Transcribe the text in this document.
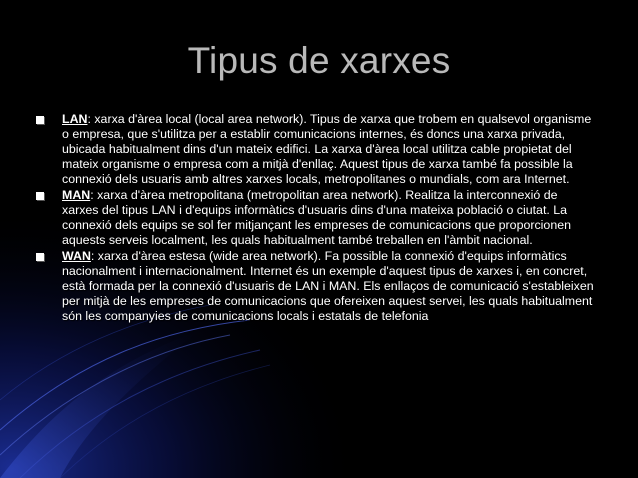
Tipus de xarxes
LAN: xarxa d'àrea local (local area network). Tipus de xarxa que trobem en qualsevol organisme o empresa, que s'utilitza per a establir comunicacions internes, és doncs una xarxa privada, ubicada habitualment dins d'un mateix edifici. La xarxa d'àrea local utilitza cable propietat del mateix organisme o empresa com a mitjà d'enllaç. Aquest tipus de xarxa també fa possible la connexió dels usuaris amb altres xarxes locals, metropolitanes o mundials, com ara Internet.
MAN: xarxa d'àrea metropolitana (metropolitan area network). Realitza la interconnexió de xarxes del tipus LAN i d'equips informàtics d'usuaris dins d'una mateixa població o ciutat. La connexió dels equips se sol fer mitjançant les empreses de comunicacions que proporcionen aquests serveis localment, les quals habitualment també treballen en l'àmbit nacional.
WAN: xarxa d'àrea estesa (wide area network). Fa possible la connexió d'equips informàtics nacionalment i internacionalment. Internet és un exemple d'aquest tipus de xarxes i, en concret, està formada per la connexió d'usuaris de LAN i MAN. Els enllaços de comunicació s'estableixen per mitjà de les empreses de comunicacions que ofereixen aquest servei, les quals habitualment són les companyies de comunicacions locals i estatals de telefonia
